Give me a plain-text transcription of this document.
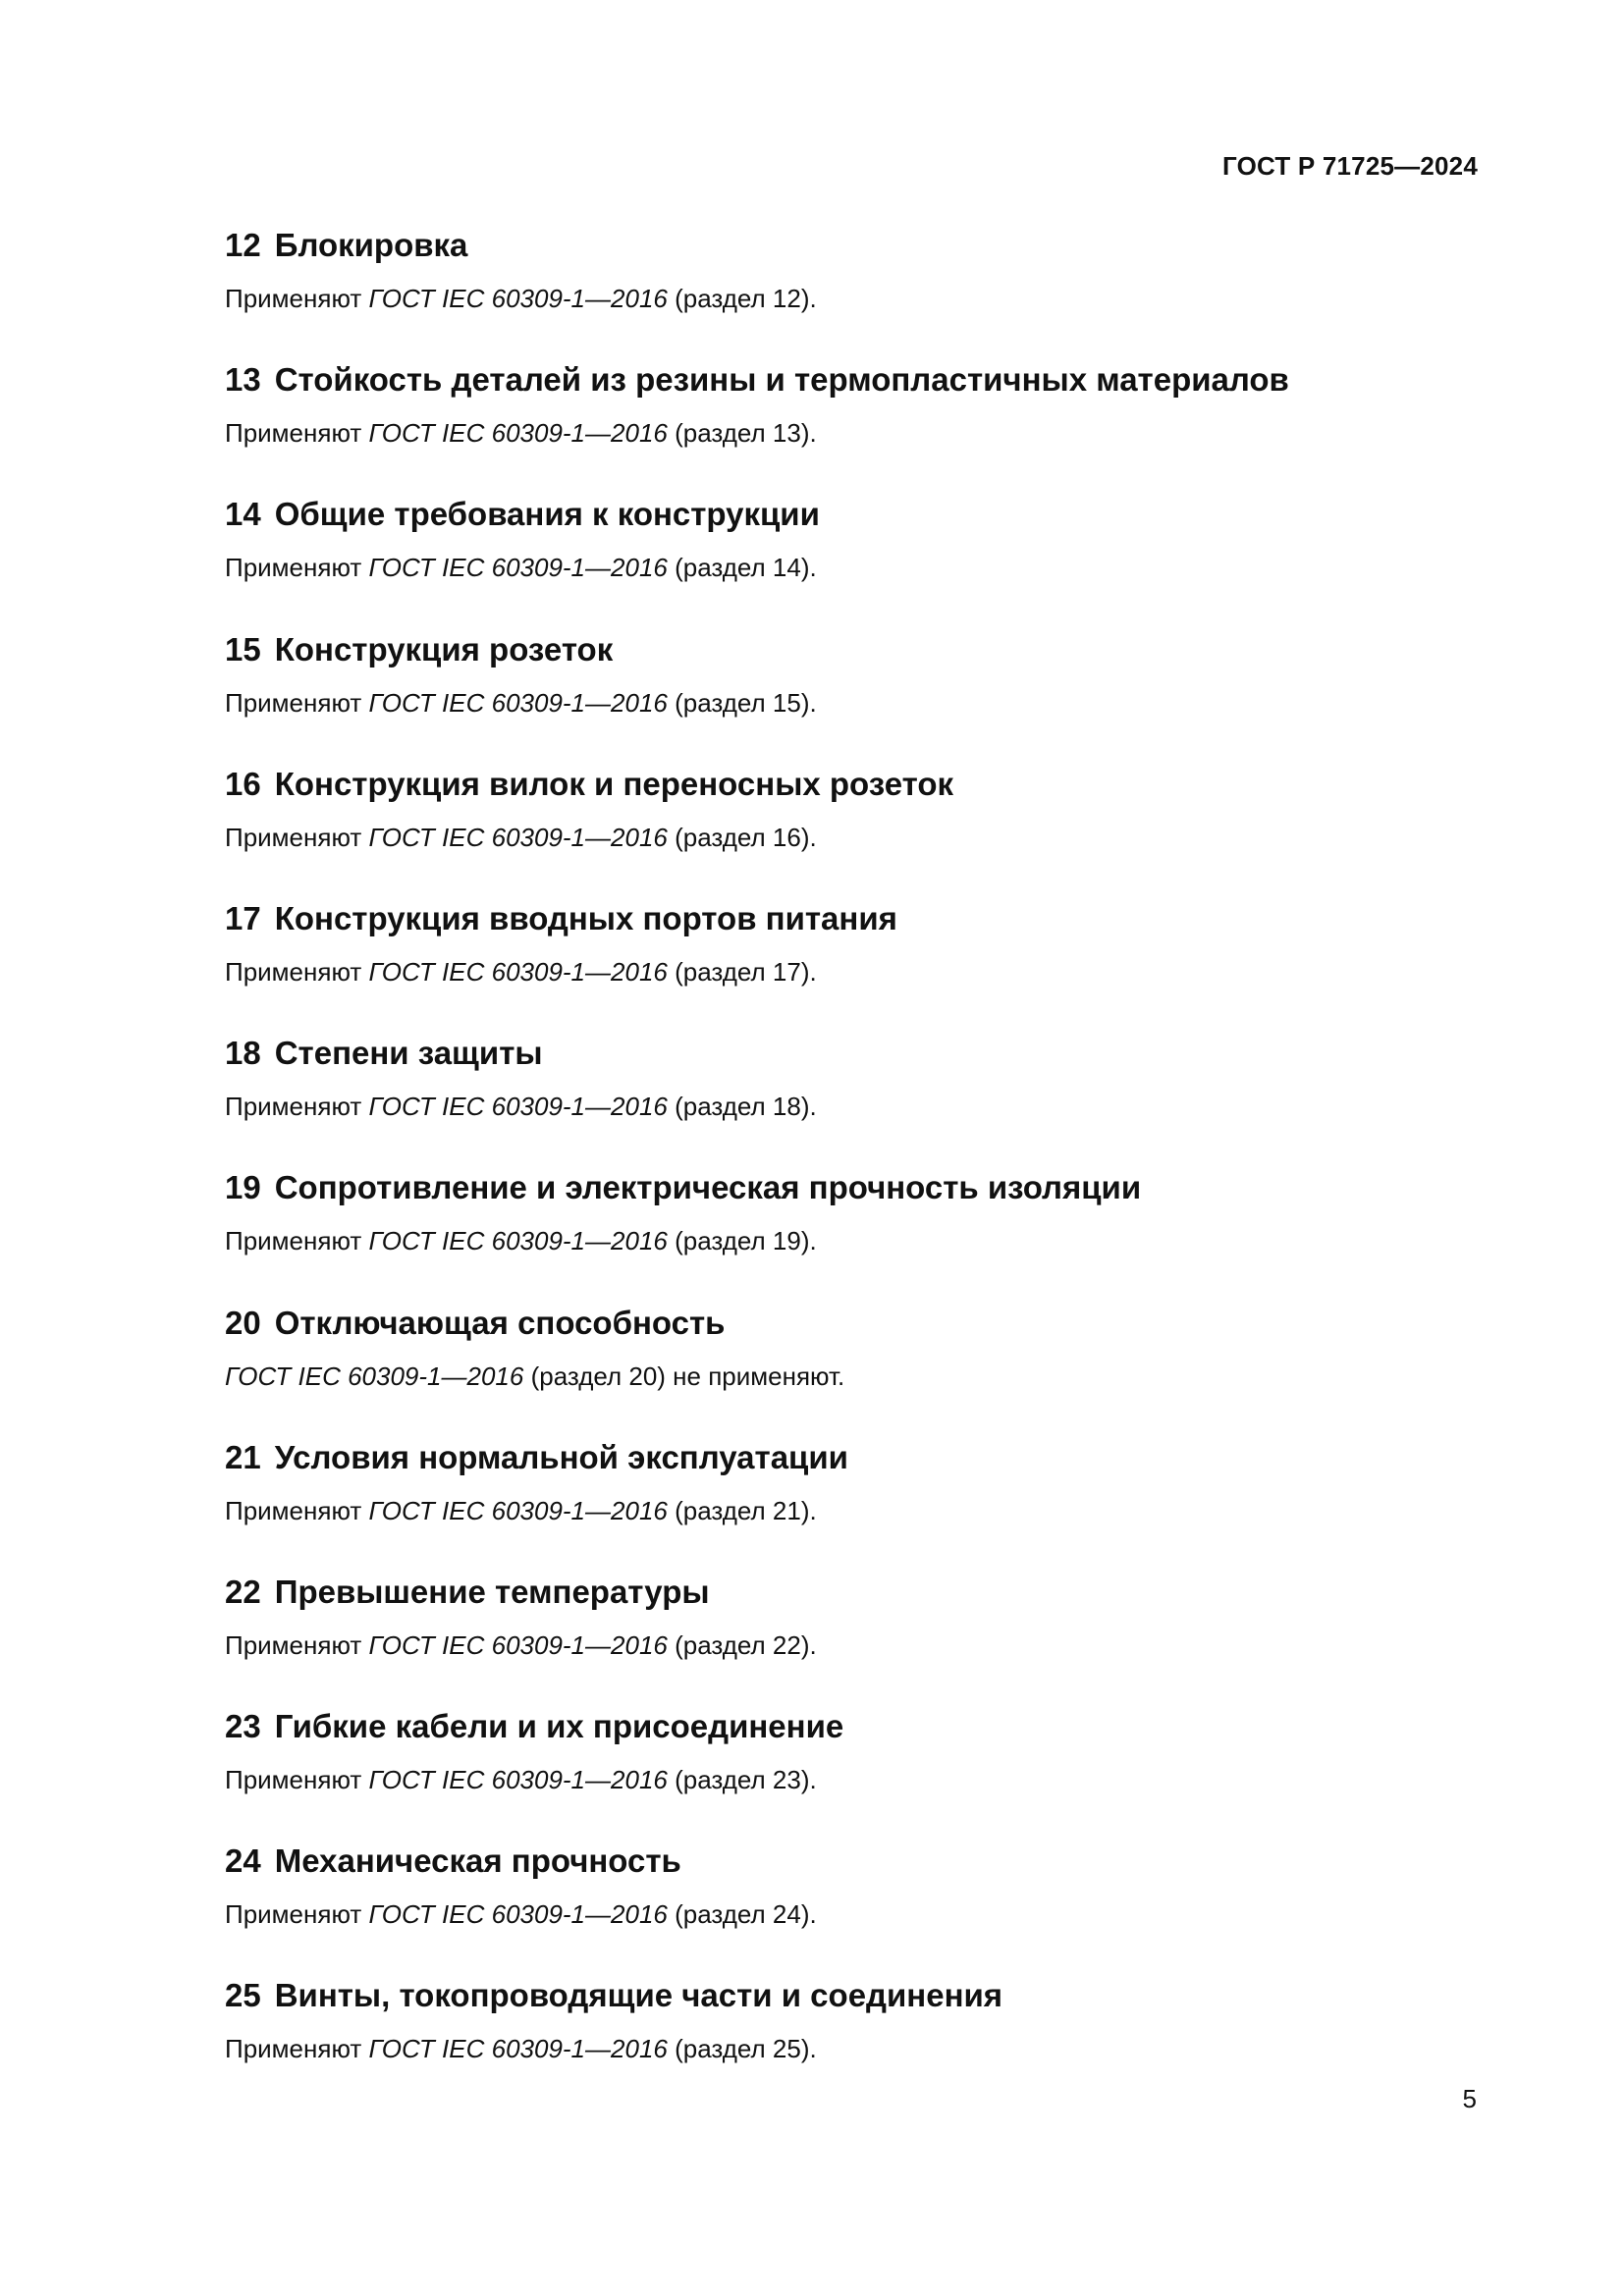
ГОСТ Р 71725—2024
12 Блокировка

Применяют ГОСТ IEC 60309-1—2016 (раздел 12).

13 Стойкость деталей из резины и термопластичных материалов

Применяют ГОСТ IEC 60309-1—2016 (раздел 13).

14 Общие требования к конструкции

Применяют ГОСТ IEC 60309-1—2016 (раздел 14).

15 Конструкция розеток

Применяют ГОСТ IEC 60309-1—2016 (раздел 15).

16 Конструкция вилок и переносных розеток

Применяют ГОСТ IEC 60309-1—2016 (раздел 16).

17 Конструкция вводных портов питания

Применяют ГОСТ IEC 60309-1—2016 (раздел 17).

18 Степени защиты

Применяют ГОСТ IEC 60309-1—2016 (раздел 18).

19 Сопротивление и электрическая прочность изоляции

Применяют ГОСТ IEC 60309-1—2016 (раздел 19).

20 Отключающая способность

ГОСТ IEC 60309-1—2016 (раздел 20) не применяют.

21 Условия нормальной эксплуатации

Применяют ГОСТ IEC 60309-1—2016 (раздел 21).

22 Превышение температуры

Применяют ГОСТ IEC 60309-1—2016 (раздел 22).

23 Гибкие кабели и их присоединение

Применяют ГОСТ IEC 60309-1—2016 (раздел 23).

24 Механическая прочность

Применяют ГОСТ IEC 60309-1—2016 (раздел 24).

25 Винты, токопроводящие части и соединения

Применяют ГОСТ IEC 60309-1—2016 (раздел 25).

5
